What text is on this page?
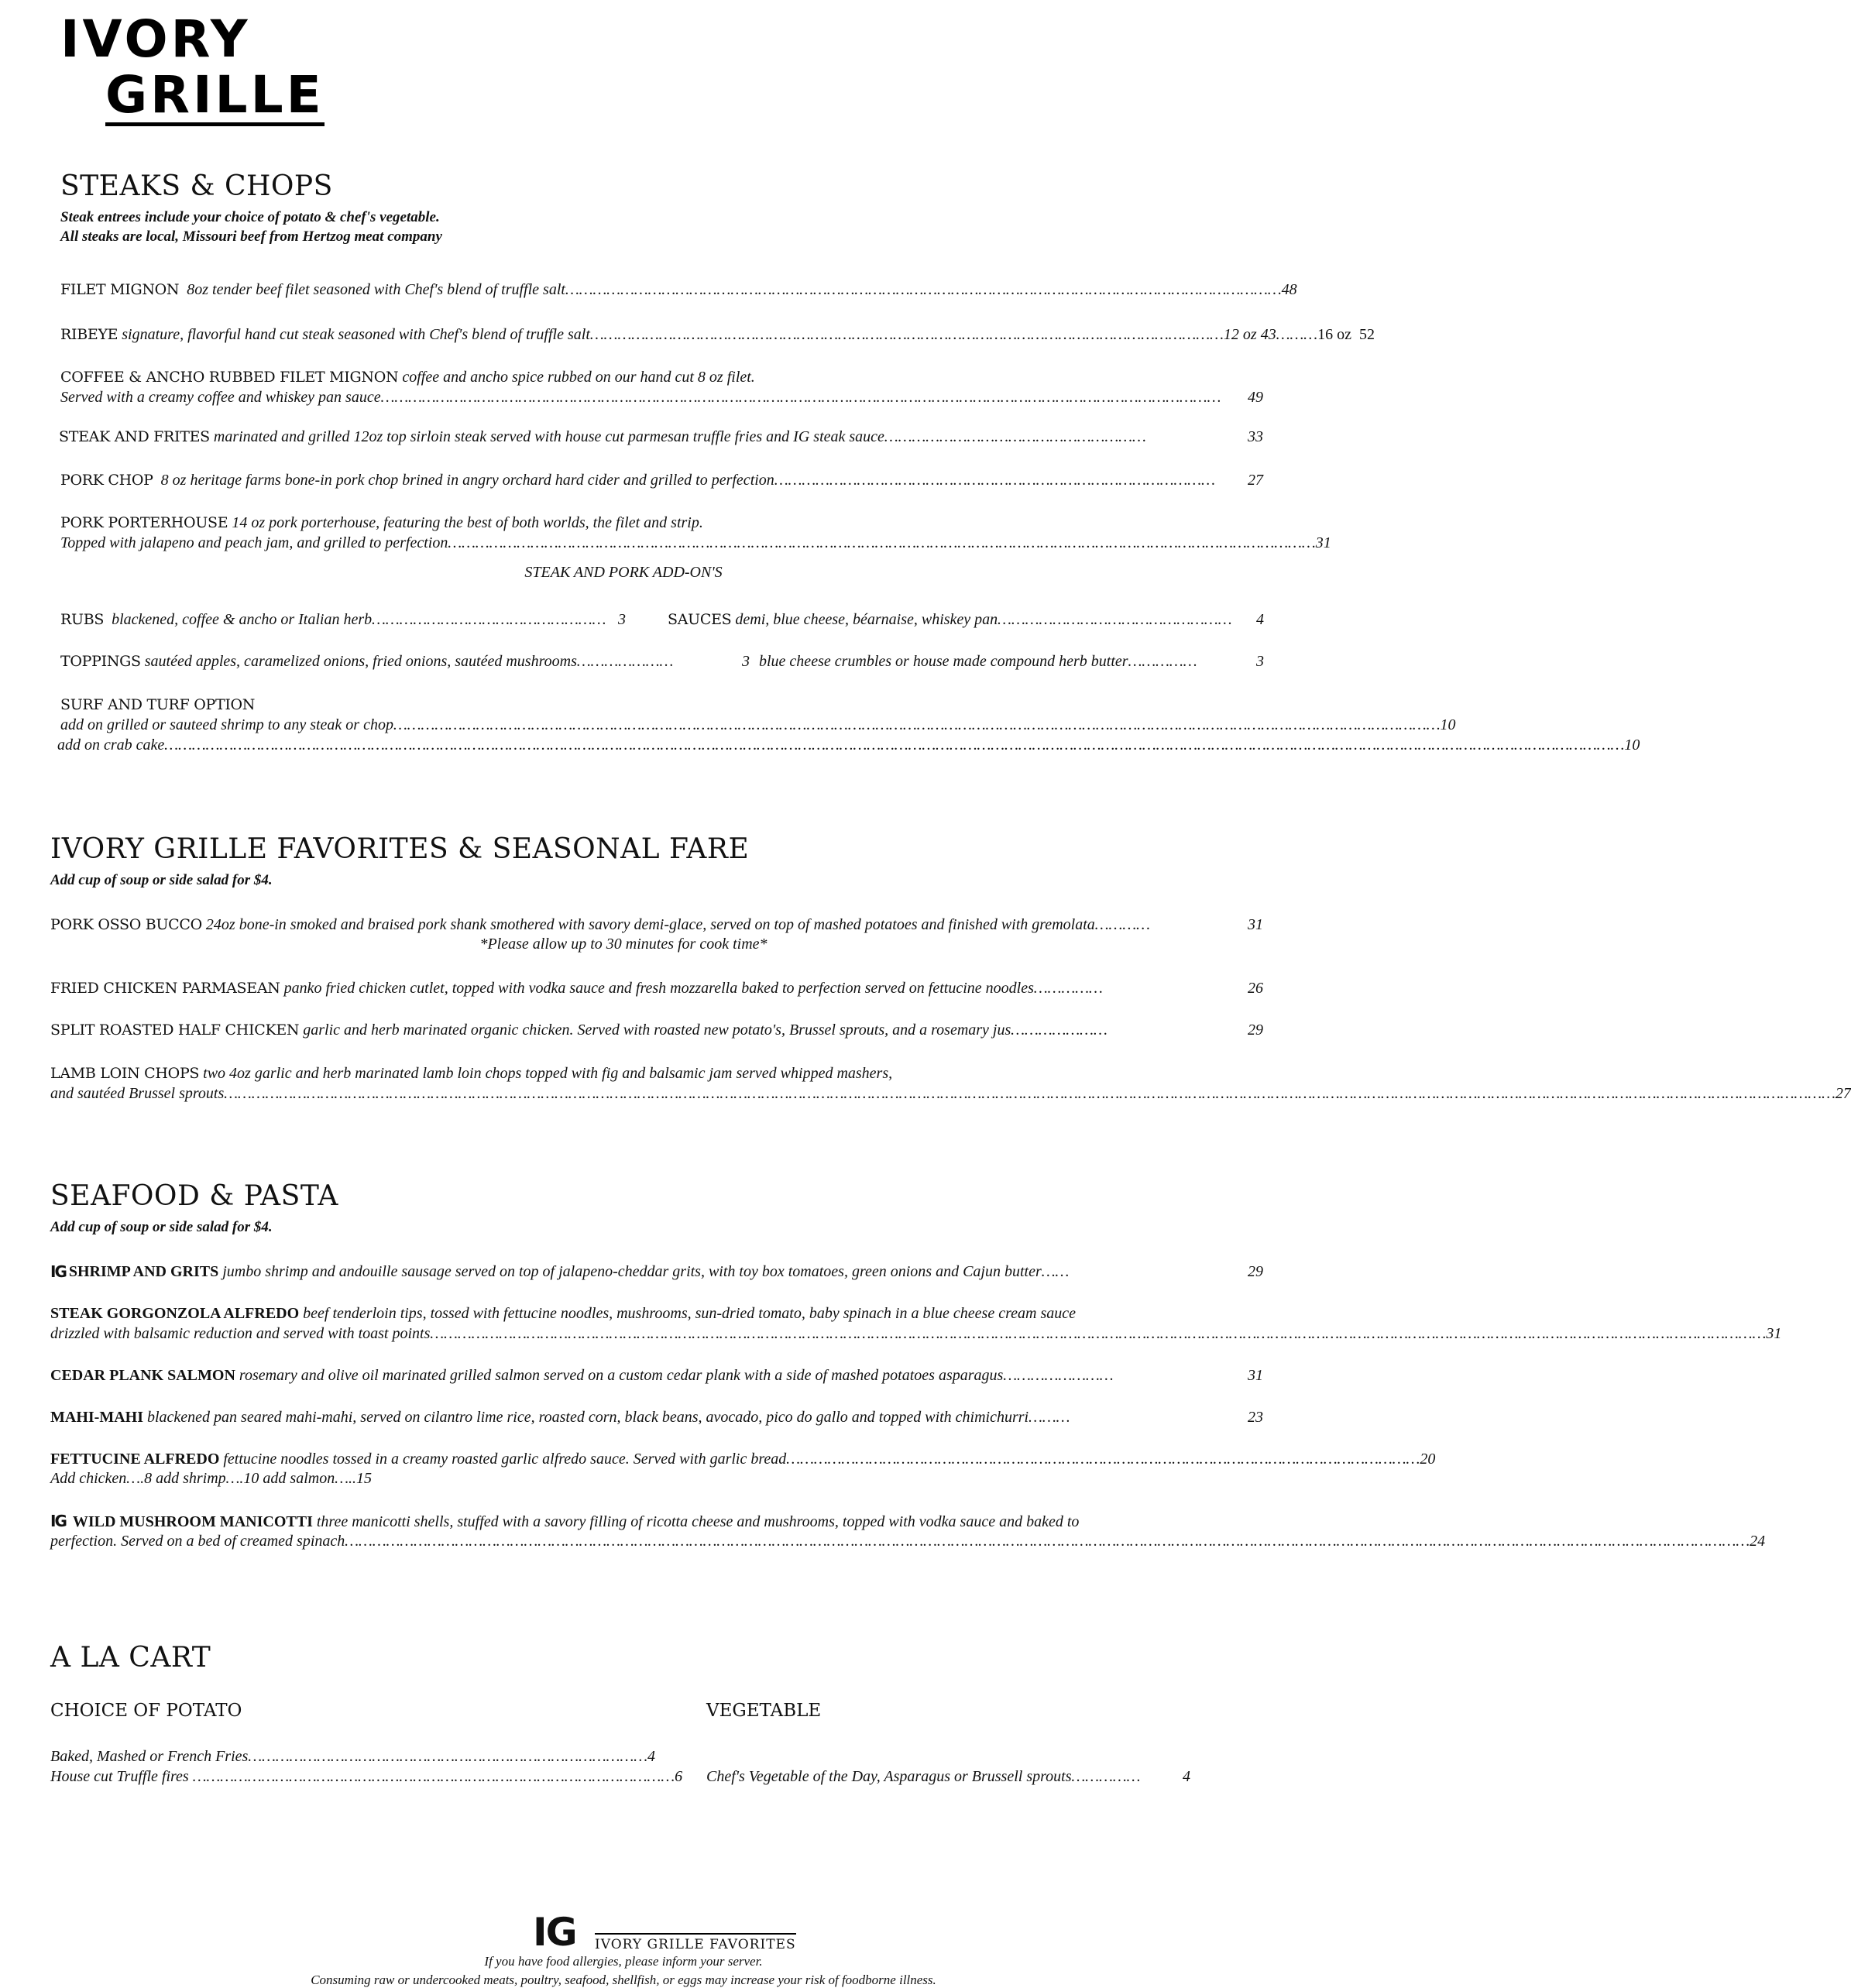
IVORY
GRILLE
STEAKS & CHOPS
Steak entrees include your choice of potato & chef's vegetable.
All steaks are local, Missouri beef from Hertzog meat company
FILET MIGNON
8oz tender beef filet seasoned with Chef's blend of truffle salt ………………………………………………………………………………………………………………………………………… 48
RIBEYE
signature, flavorful hand cut steak seasoned with Chef's blend of truffle salt ………………………………………………………………………………………………………………………… 12 oz 43 ……… 16 oz  52
COFFEE & ANCHO RUBBED FILET MIGNON coffee and ancho spice rubbed on our hand cut 8 oz filet.
Served with a creamy coffee and whiskey pan sauce …………………………………………………………………………………………………………………………………………………………………	49
STEAK AND FRITES
marinated and grilled 12oz top sirloin steak served with house cut parmesan truffle fries and IG steak sauce …………………………………………………	33
PORK CHOP
8 oz heritage farms bone-in pork chop brined in angry orchard hard cider and grilled to perfection ……………………………………………………………………………………	27
PORK PORTERHOUSE 14 oz pork porterhouse, featuring the best of both worlds, the filet and strip.
Topped with jalapeno and peach jam, and grilled to perfection ……………………………………………………………………………………………………………………………………………………………………… 31
STEAK AND PORK ADD-ON'S
RUBS
blackened, coffee & ancho or Italian herb …………………………………………… 3	SAUCES
demi, blue cheese, béarnaise, whiskey pan ……………………………………………	4
TOPPINGS
sautéed apples, caramelized onions, fried onions, sautéed mushrooms …………………	3 blue cheese crumbles or house made compound herb butter ……………	3
SURF AND TURF OPTION
add on grilled or sauteed shrimp to any steak or chop ………………………………………………………………………………………………………………………………………………………………………………………………………… 10
add on crab cake ………………………………………………………………………………………………………………………………………………………………………………………………………………………………………………………………………………………… 10
IVORY GRILLE FAVORITES & SEASONAL FARE
Add cup of soup or side salad for $4.
PORK OSSO BUCCO
24oz bone-in smoked and braised pork shank smothered with savory demi-glace, served on top of mashed potatoes and finished with gremolata …………	31
*Please allow up to 30 minutes for cook time*
FRIED CHICKEN PARMASEAN
panko fried chicken cutlet, topped with vodka sauce and fresh mozzarella baked to perfection served on fettucine noodles ……………	26
SPLIT ROASTED HALF CHICKEN
garlic and herb marinated organic chicken. Served with roasted new potato's, Brussel sprouts, and a rosemary jus …………………	29
LAMB LOIN CHOPS two 4oz garlic and herb marinated lamb loin chops topped with fig and balsamic jam served whipped mashers,
and sautéed Brussel sprouts ……………………………………………………………………………………………………………………………………………………………………………………………………………………………………………………………………………………………………………………… 27
SEAFOOD & PASTA
Add cup of soup or side salad for $4.
IG SHRIMP AND GRITS
jumbo shrimp and andouille sausage served on top of jalapeno-cheddar grits, with toy box tomatoes, green onions and Cajun butter ……	29
STEAK GORGONZOLA ALFREDO beef tenderloin tips, tossed with fettucine noodles, mushrooms, sun-dried tomato, baby spinach in a blue cheese cream sauce
drizzled with balsamic reduction and served with toast points ………………………………………………………………………………………………………………………………………………………………………………………………………………………………………………………………… 31
CEDAR PLANK SALMON
rosemary and olive oil marinated grilled salmon served on a custom cedar plank with a side of mashed potatoes asparagus ……………………	31
MAHI-MAHI
blackened pan seared mahi-mahi, served on cilantro lime rice, roasted corn, black beans, avocado, pico do gallo and topped with chimichurri ………	23
FETTUCINE ALFREDO
fettucine noodles tossed in a creamy roasted garlic alfredo sauce. Served with garlic bread ………………………………………………………………………………………………………………………… 20
Add chicken….8 add shrimp….10 add salmon…..15
IG WILD MUSHROOM MANICOTTI three manicotti shells, stuffed with a savory filling of ricotta cheese and mushrooms, topped with vodka sauce and baked to
perfection. Served on a bed of creamed spinach ……………………………………………………………………………………………………………………………………………………………………………………………………………………………………………………………………………… 24
A LA CART
CHOICE OF POTATO	VEGETABLE
Baked, Mashed or French Fries …………………………………………………………………………… 4
House cut Truffle fires …………………………………………………………………………………………… 6 Chef's Vegetable of the Day, Asparagus or Brussell sprouts ……………	4
IG IVORY GRILLE FAVORITES
If you have food allergies, please inform your server.
Consuming raw or undercooked meats, poultry, seafood, shellfish, or eggs may increase your risk of foodborne illness.
